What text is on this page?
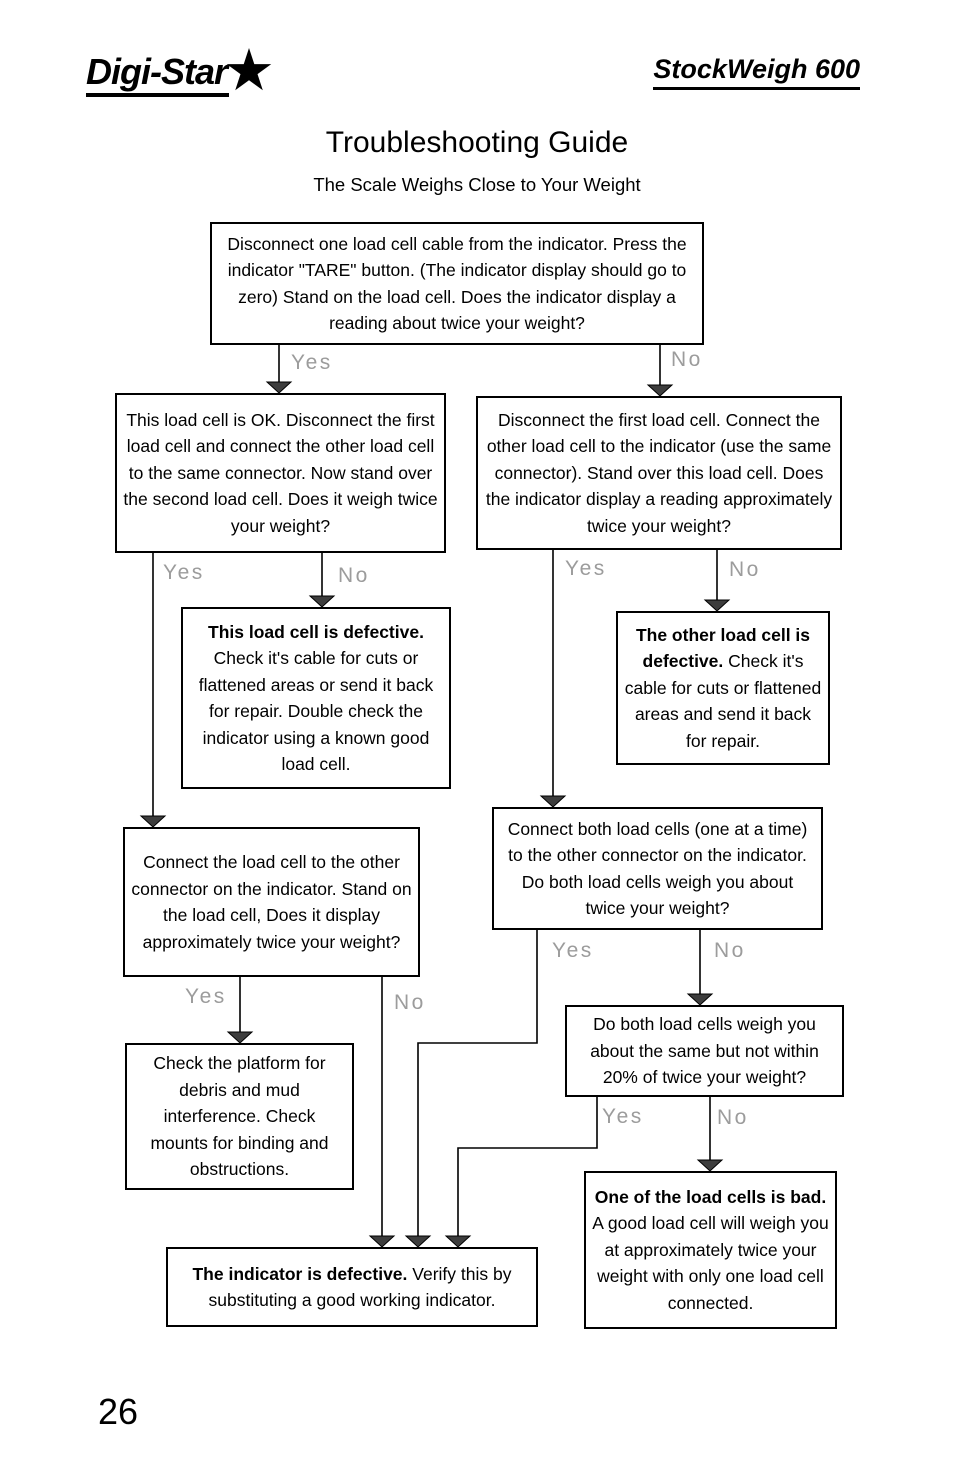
Digi-Star★	StockWeigh 600
Troubleshooting Guide
The Scale Weighs Close to Your Weight
Disconnect one load cell cable from the indicator. Press the indicator "TARE" button. (The indicator display should go to zero) Stand on the load cell. Does the indicator display a reading about twice your weight?
This load cell is OK. Disconnect the first load cell and connect the other load cell to the same connector. Now stand over the second load cell. Does it weigh twice your weight?
Disconnect the first load cell. Connect the other load cell to the indicator (use the same connector). Stand over this load cell. Does the indicator display a reading approximately twice your weight?
This load cell is defective. Check it's cable for cuts or flattened areas or send it back for repair. Double check the indicator using a known good load cell.
The other load cell is defective. Check it's cable for cuts or flattened areas and send it back for repair.
Connect the load cell to the other connector on the indicator. Stand on the load cell, Does it display approximately twice your weight?
Connect both load cells (one at a time) to the other connector on the indicator. Do both load cells weigh you about twice your weight?
Do both load cells weigh you about the same but not within 20% of twice your weight?
Check the platform for debris and mud interference. Check mounts for binding and obstructions.
The indicator is defective. Verify this by substituting a good working indicator.
One of the load cells is bad. A good load cell will weigh you at approximately twice your weight with only one load cell connected.
Yes	No
Yes	No	Yes	No
Yes	No
Yes	No
Yes	No
26
